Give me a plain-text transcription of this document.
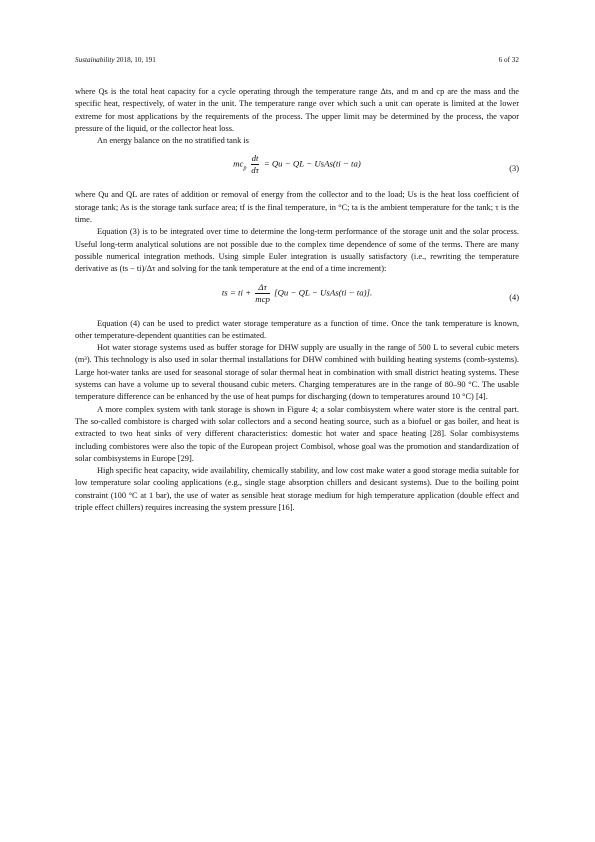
Sustainability 2018, 10, 191	6 of 32

where Qs is the total heat capacity for a cycle operating through the temperature range Δts, and m and cp are the mass and the specific heat, respectively, of water in the unit. The temperature range over which such a unit can operate is limited at the lower extreme for most applications by the requirements of the process. The upper limit may be determined by the process, the vapor pressure of the liquid, or the collector heat loss.

An energy balance on the no stratified tank is

$mc_p \frac{dt}{d\tau} = Qu$ − QL − UsAs(ti − ta)	(3)

where Qu and QL are rates of addition or removal of energy from the collector and to the load; Us is the heat loss coefficient of storage tank; As is the storage tank surface area; tf is the final temperature, in °C; ta is the ambient temperature for the tank; τ is the time.

Equation (3) is to be integrated over time to determine the long-term performance of the storage unit and the solar process. Useful long-term analytical solutions are not possible due to the complex time dependence of some of the terms. There are many possible numerical integration methods. Using simple Euler integration is usually satisfactory (i.e., rewriting the temperature derivative as (ts − ti)/Δτ and solving for the tank temperature at the end of a time increment):

ts = ti + $\frac{\Delta\tau}{\text{mcp}} [Qu$ − QL − UsAs(ti − ta)].	(4)

Equation (4) can be used to predict water storage temperature as a function of time. Once the tank temperature is known, other temperature-dependent quantities can be estimated.

Hot water storage systems used as buffer storage for DHW supply are usually in the range of 500 L to several cubic meters (m³). This technology is also used in solar thermal installations for DHW combined with building heating systems (comb-systems). Large hot-water tanks are used for seasonal storage of solar thermal heat in combination with small district heating systems. These systems can have a volume up to several thousand cubic meters. Charging temperatures are in the range of 80–90 °C. The usable temperature difference can be enhanced by the use of heat pumps for discharging (down to temperatures around 10 °C) [4].

A more complex system with tank storage is shown in Figure 4; a solar combisystem where water store is the central part. The so-called combistore is charged with solar collectors and a second heating source, such as a biofuel or gas boiler, and heat is extracted to two heat sinks of very different characteristics: domestic hot water and space heating [28]. Solar combisystems including combistores were also the topic of the European project Combisol, whose goal was the promotion and standardization of solar combisystems in Europe [29].

High specific heat capacity, wide availability, chemically stability, and low cost make water a good storage media suitable for low temperature solar cooling applications (e.g., single stage absorption chillers and desicant systems). Due to the boiling point constraint (100 °C at 1 bar), the use of water as sensible heat storage medium for high temperature application (double effect and triple effect chillers) requires increasing the system pressure [16].
